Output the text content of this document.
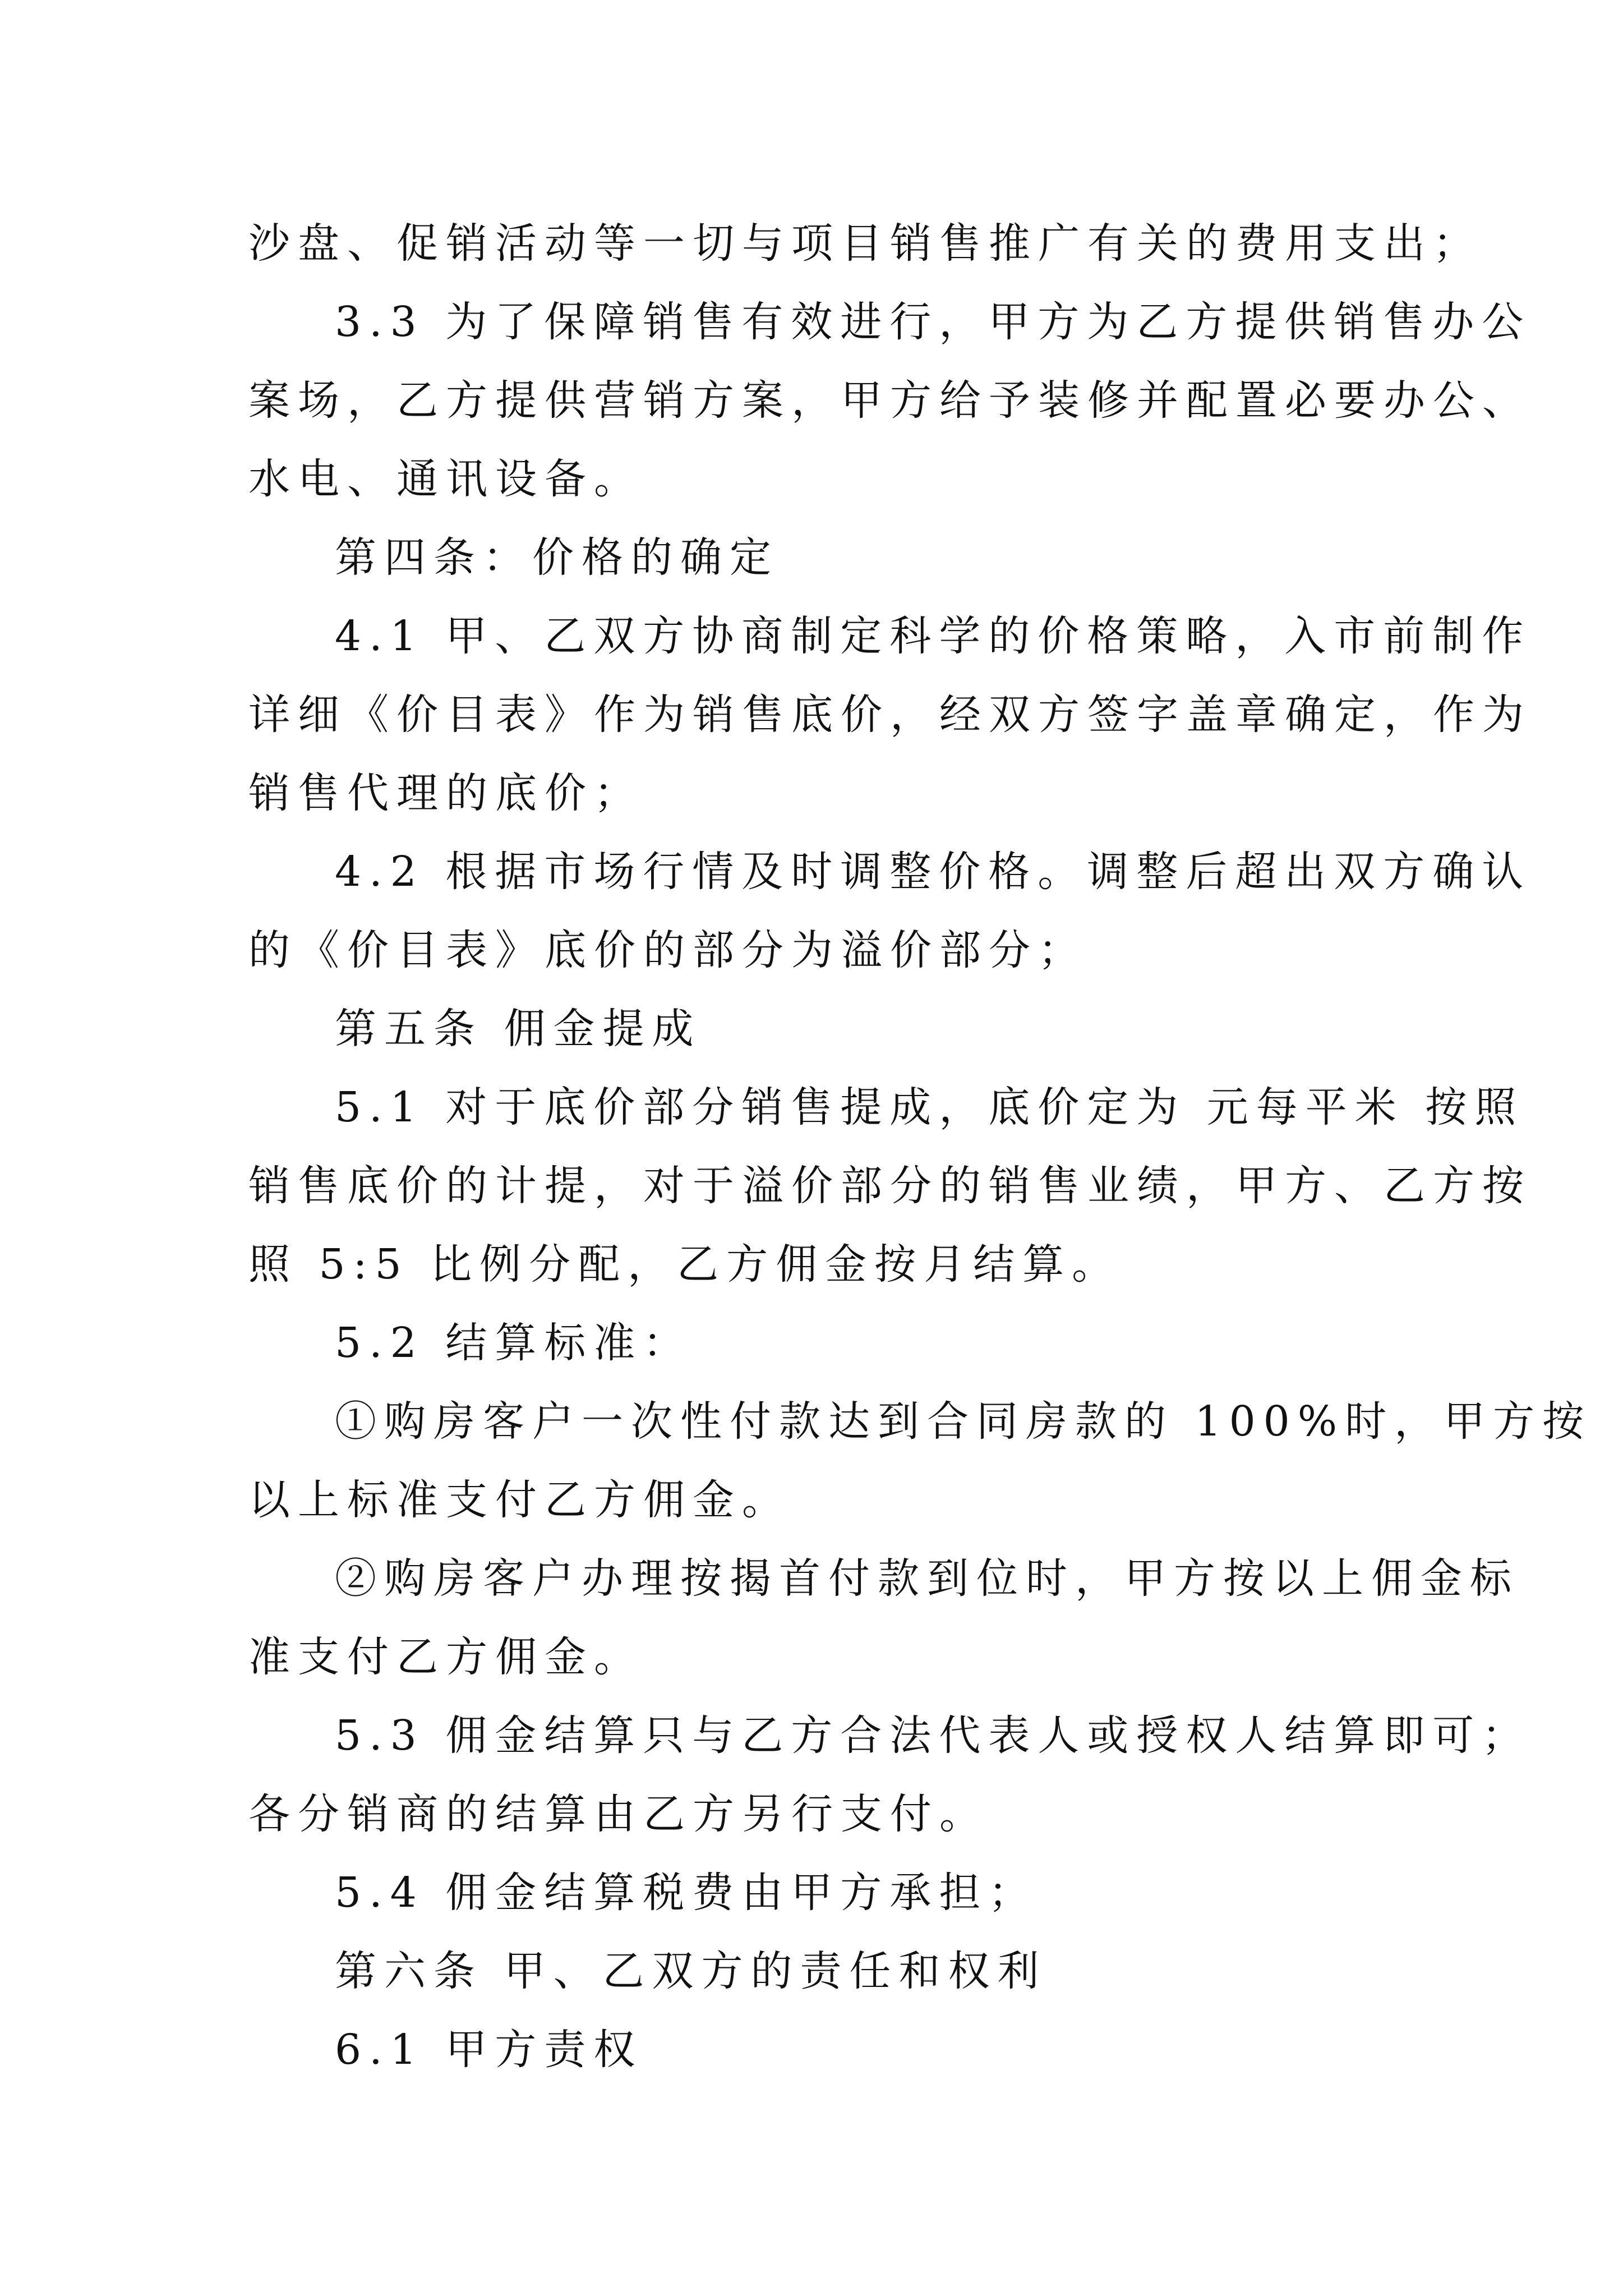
沙盘、促销活动等一切与项目销售推广有关的费用支出；

3.3 为了保障销售有效进行，甲方为乙方提供销售办公

案场，乙方提供营销方案，甲方给予装修并配置必要办公、

水电、通讯设备。

第四条：价格的确定

4.1 甲、乙双方协商制定科学的价格策略，入市前制作

详细《价目表》作为销售底价，经双方签字盖章确定，作为

销售代理的底价；

4.2 根据市场行情及时调整价格。调整后超出双方确认

的《价目表》底价的部分为溢价部分；

第五条 佣金提成

5.1 对于底价部分销售提成，底价定为 元每平米 按照

销售底价的计提，对于溢价部分的销售业绩，甲方、乙方按

照 5:5 比例分配，乙方佣金按月结算。

5.2 结算标准：

①购房客户一次性付款达到合同房款的 100%时，甲方按

以上标准支付乙方佣金。

②购房客户办理按揭首付款到位时，甲方按以上佣金标

准支付乙方佣金。

5.3 佣金结算只与乙方合法代表人或授权人结算即可；

各分销商的结算由乙方另行支付。

5.4 佣金结算税费由甲方承担；

第六条 甲、乙双方的责任和权利

6.1 甲方责权
